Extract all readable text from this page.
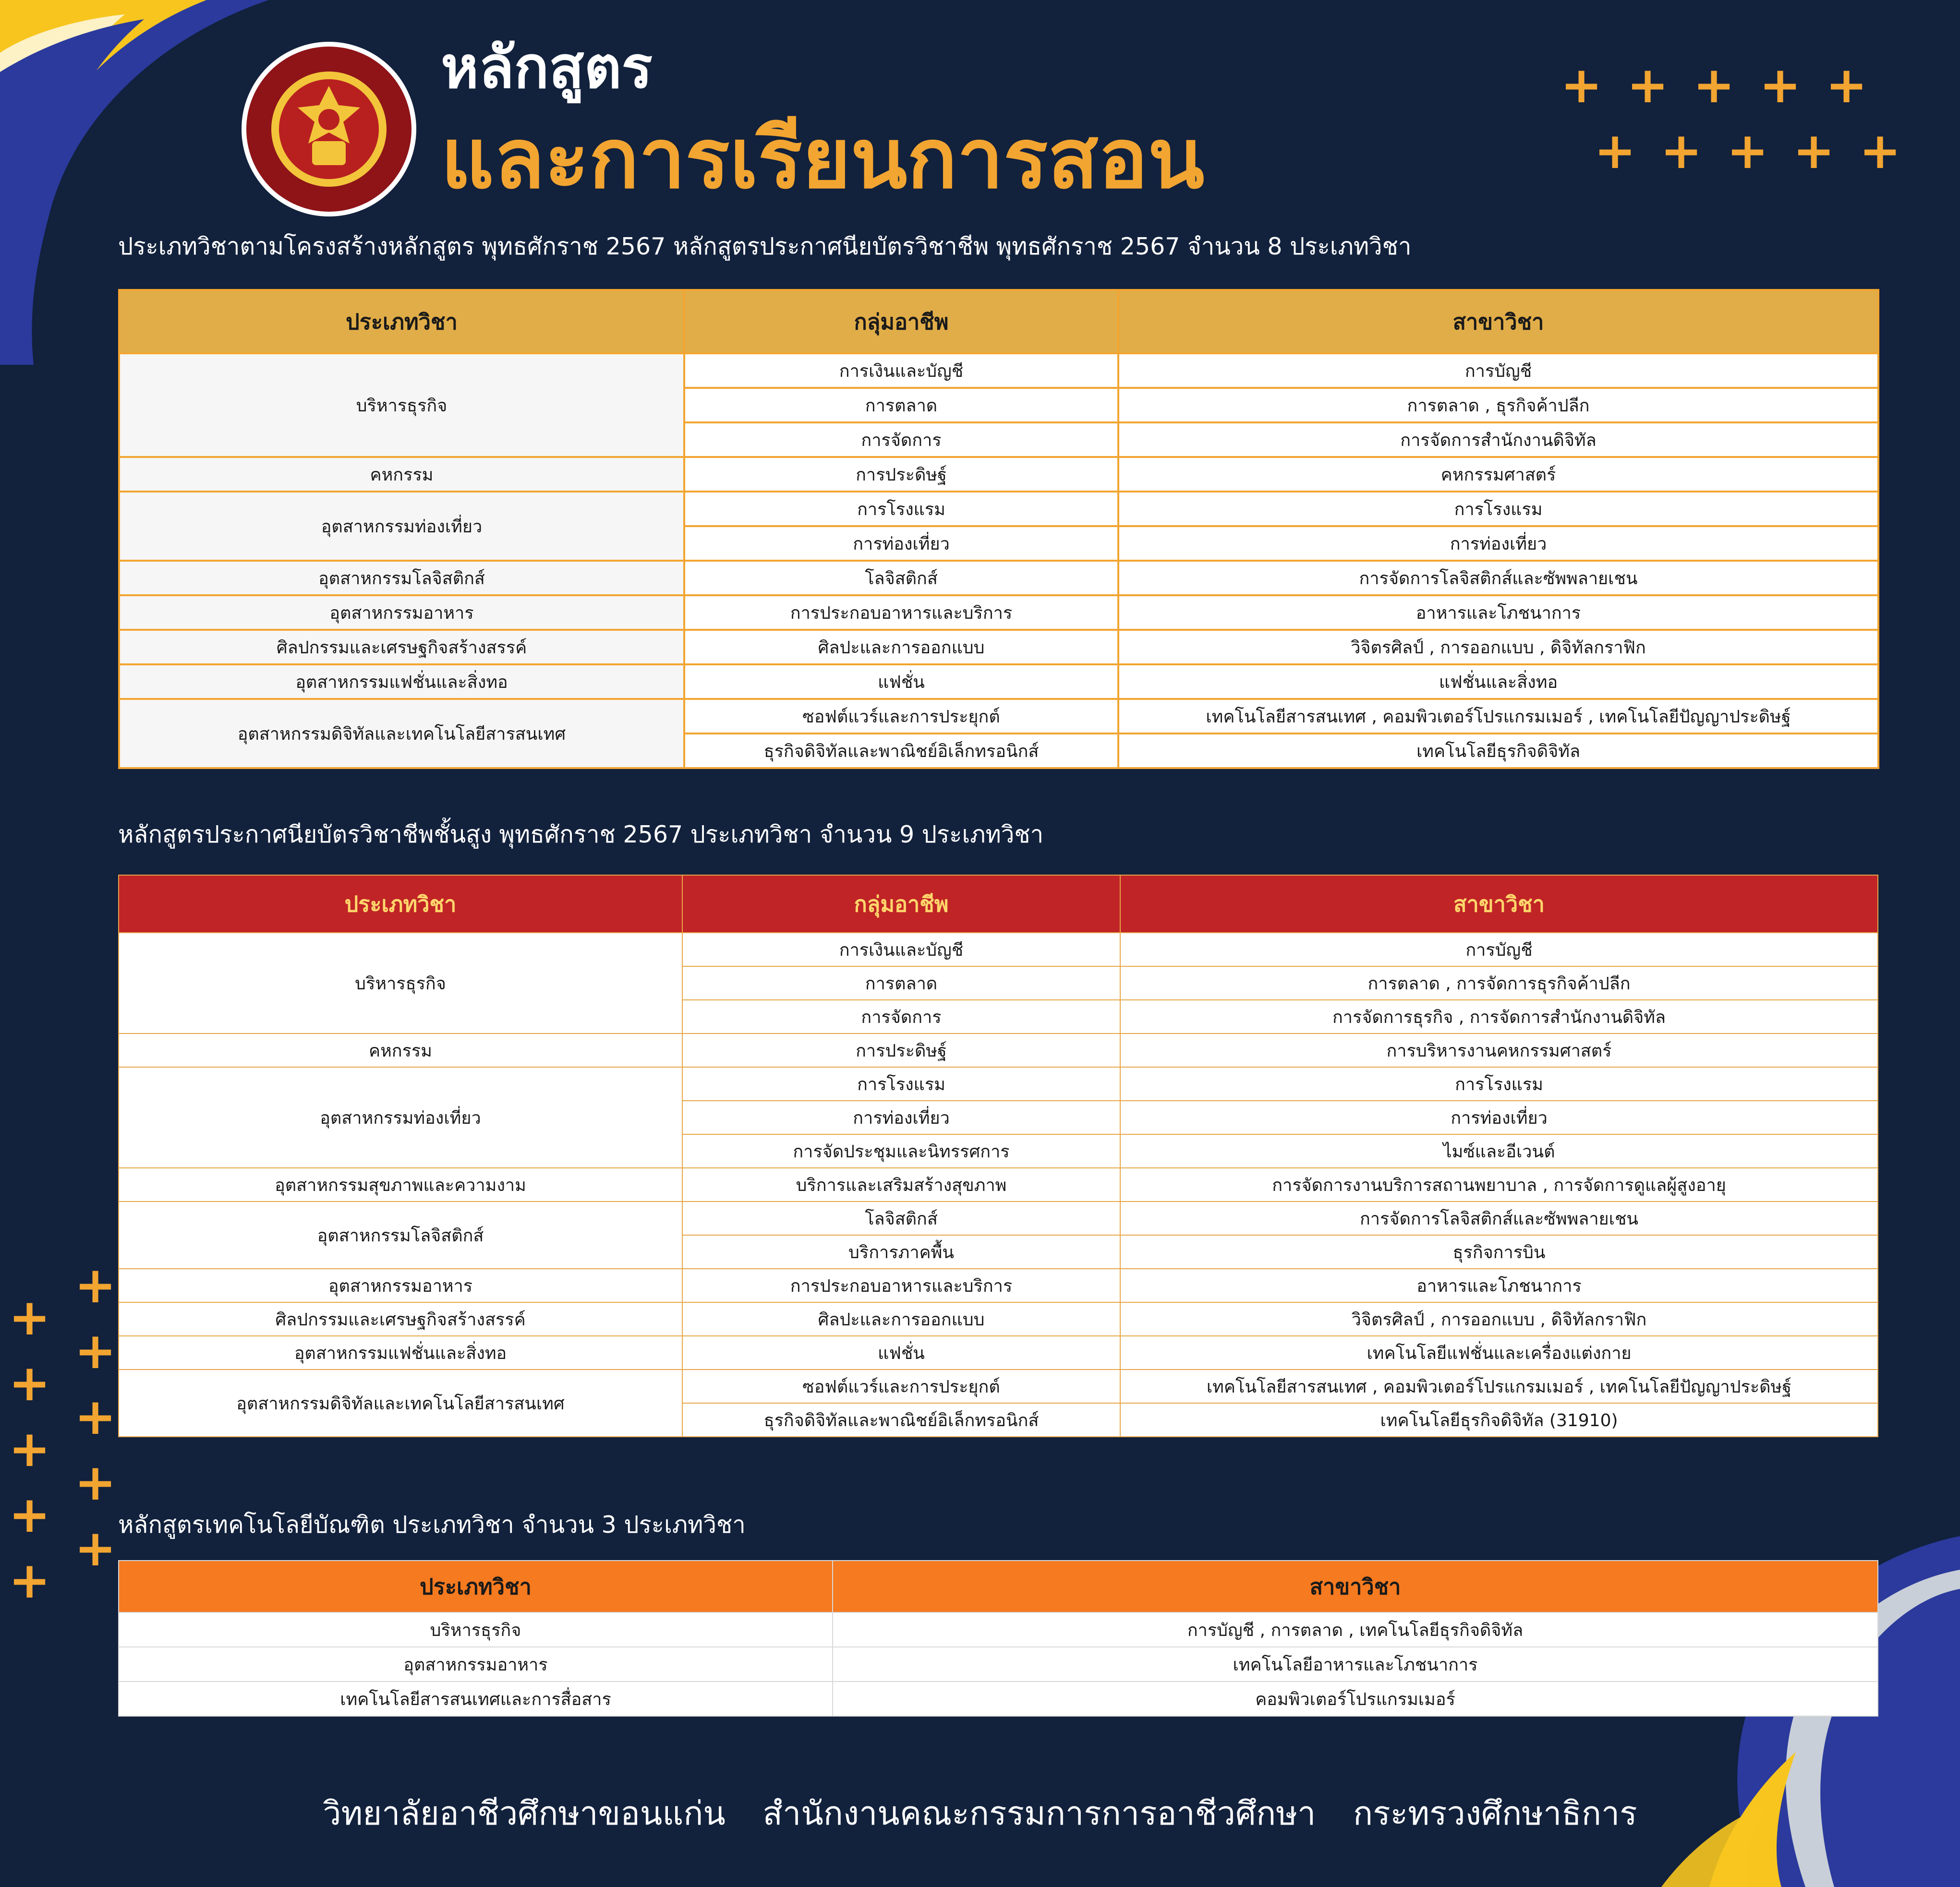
หลักสูตร
และการเรียนการสอน
+ + + + +
+ + + + +
+
+
+
+
+
+
+
+
+
+
ประเภทวิชาตามโครงสร้างหลักสูตร พุทธศักราช 2567 หลักสูตรประกาศนียบัตรวิชาชีพ พุทธศักราช 2567 จำนวน 8 ประเภทวิชา
ประเภทวิชา	กลุ่มอาชีพ	สาขาวิชา
บริหารธุรกิจ	การเงินและบัญชี	การบัญชี
	การตลาด	การตลาด , ธุรกิจค้าปลีก
	การจัดการ	การจัดการสำนักงานดิจิทัล
คหกรรม	การประดิษฐ์	คหกรรมศาสตร์
อุตสาหกรรมท่องเที่ยว	การโรงแรม	การโรงแรม
	การท่องเที่ยว	การท่องเที่ยว
อุตสาหกรรมโลจิสติกส์	โลจิสติกส์	การจัดการโลจิสติกส์และซัพพลายเชน
อุตสาหกรรมอาหาร	การประกอบอาหารและบริการ	อาหารและโภชนาการ
ศิลปกรรมและเศรษฐกิจสร้างสรรค์	ศิลปะและการออกแบบ	วิจิตรศิลป์ , การออกแบบ , ดิจิทัลกราฟิก
อุตสาหกรรมแฟชั่นและสิ่งทอ	แฟชั่น	แฟชั่นและสิ่งทอ
อุตสาหกรรมดิจิทัลและเทคโนโลยีสารสนเทศ	ซอฟต์แวร์และการประยุกต์	เทคโนโลยีสารสนเทศ , คอมพิวเตอร์โปรแกรมเมอร์ , เทคโนโลยีปัญญาประดิษฐ์
	ธุรกิจดิจิทัลและพาณิชย์อิเล็กทรอนิกส์	เทคโนโลยีธุรกิจดิจิทัล
หลักสูตรประกาศนียบัตรวิชาชีพชั้นสูง พุทธศักราช 2567 ประเภทวิชา จำนวน 9 ประเภทวิชา
ประเภทวิชา	กลุ่มอาชีพ	สาขาวิชา
บริหารธุรกิจ	การเงินและบัญชี	การบัญชี
	การตลาด	การตลาด , การจัดการธุรกิจค้าปลีก
	การจัดการ	การจัดการธุรกิจ , การจัดการสำนักงานดิจิทัล
คหกรรม	การประดิษฐ์	การบริหารงานคหกรรมศาสตร์
อุตสาหกรรมท่องเที่ยว	การโรงแรม	การโรงแรม
	การท่องเที่ยว	การท่องเที่ยว
	การจัดประชุมและนิทรรศการ	ไมซ์และอีเวนต์
อุตสาหกรรมสุขภาพและความงาม	บริการและเสริมสร้างสุขภาพ	การจัดการงานบริการสถานพยาบาล , การจัดการดูแลผู้สูงอายุ
อุตสาหกรรมโลจิสติกส์	โลจิสติกส์	การจัดการโลจิสติกส์และซัพพลายเชน
	บริการภาคพื้น	ธุรกิจการบิน
อุตสาหกรรมอาหาร	การประกอบอาหารและบริการ	อาหารและโภชนาการ
ศิลปกรรมและเศรษฐกิจสร้างสรรค์	ศิลปะและการออกแบบ	วิจิตรศิลป์ , การออกแบบ , ดิจิทัลกราฟิก
อุตสาหกรรมแฟชั่นและสิ่งทอ	แฟชั่น	เทคโนโลยีแฟชั่นและเครื่องแต่งกาย
อุตสาหกรรมดิจิทัลและเทคโนโลยีสารสนเทศ	ซอฟต์แวร์และการประยุกต์	เทคโนโลยีสารสนเทศ , คอมพิวเตอร์โปรแกรมเมอร์ , เทคโนโลยีปัญญาประดิษฐ์
	ธุรกิจดิจิทัลและพาณิชย์อิเล็กทรอนิกส์	เทคโนโลยีธุรกิจดิจิทัล (31910)
หลักสูตรเทคโนโลยีบัณฑิต ประเภทวิชา จำนวน 3 ประเภทวิชา
ประเภทวิชา	สาขาวิชา
บริหารธุรกิจ	การบัญชี , การตลาด , เทคโนโลยีธุรกิจดิจิทัล
อุตสาหกรรมอาหาร	เทคโนโลยีอาหารและโภชนาการ
เทคโนโลยีสารสนเทศและการสื่อสาร	คอมพิวเตอร์โปรแกรมเมอร์
วิทยาลัยอาชีวศึกษาขอนแก่น สำนักงานคณะกรรมการการอาชีวศึกษา กระทรวงศึกษาธิการ
